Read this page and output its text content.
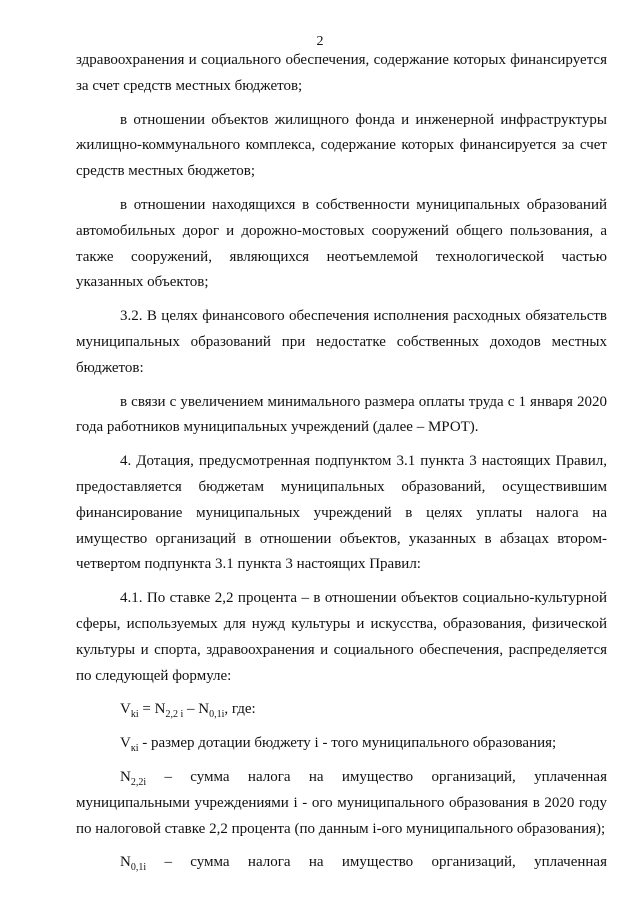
2

здравоохранения и социального обеспечения, содержание которых финансируется за счет средств местных бюджетов;

в отношении объектов жилищного фонда и инженерной инфраструктуры жилищно-коммунального комплекса, содержание которых финансируется за счет средств местных бюджетов;

в отношении находящихся в собственности муниципальных образований автомобильных дорог и дорожно-мостовых сооружений общего пользования, а также сооружений, являющихся неотъемлемой технологической частью указанных объектов;

3.2. В целях финансового обеспечения исполнения расходных обязательств муниципальных образований при недостатке собственных доходов местных бюджетов:

в связи с увеличением минимального размера оплаты труда с 1 января 2020 года работников муниципальных учреждений (далее – МРОТ).

4. Дотация, предусмотренная подпунктом 3.1 пункта 3 настоящих Правил, предоставляется бюджетам муниципальных образований, осуществившим финансирование муниципальных учреждений в целях уплаты налога на имущество организаций в отношении объектов, указанных в абзацах втором-четвертом подпункта 3.1 пункта 3 настоящих Правил:

4.1. По ставке 2,2 процента – в отношении объектов социально-культурной сферы, используемых для нужд культуры и искусства, образования, физической культуры и спорта, здравоохранения и социального обеспечения, распределяется по следующей формуле:

$V_{ki} = N_{2,2 i} - N_{0,1i}$, где:

$V_{кi}$ - размер дотации бюджету i - того муниципального образования;

$N_{2,2i}$ – сумма налога на имущество организаций, уплаченная муниципальными учреждениями i - ого муниципального образования в 2020 году по налоговой ставке 2,2 процента (по данным i-ого муниципального образования);

$N_{0,1i}$ – сумма налога на имущество организаций, уплаченная
